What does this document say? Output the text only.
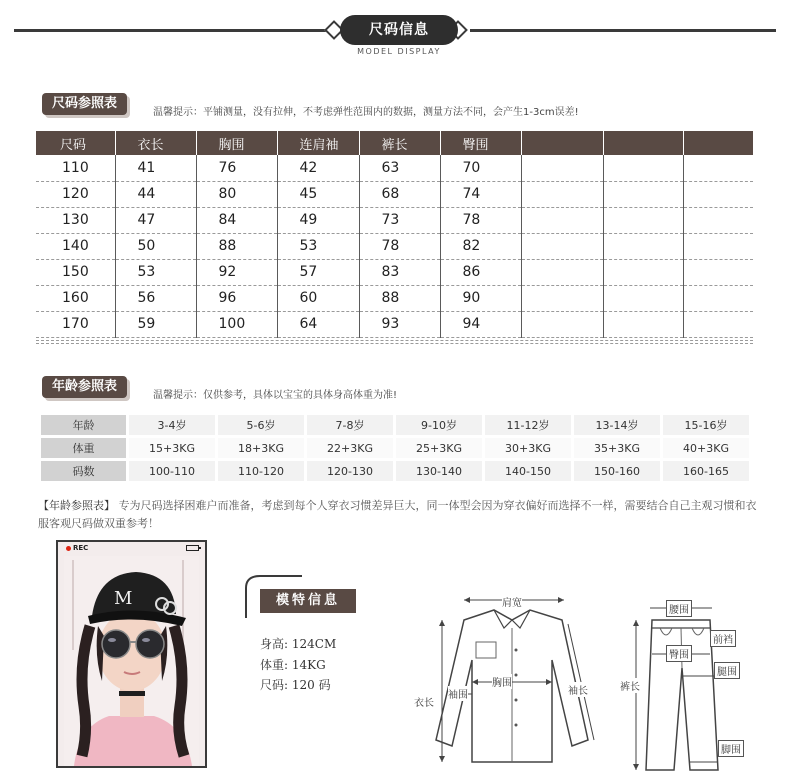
尺码信息
MODEL DISPLAY
尺码参照表
温馨提示：平铺测量，没有拉伸，不考虑弹性范围内的数据，测量方法不同，会产生1-3cm误差!
尺码	衣长	胸围	连肩袖	裤长	臀围			
110	41	76	42	63	70			
120	44	80	45	68	74			
130	47	84	49	73	78			
140	50	88	53	78	82			
150	53	92	57	83	86			
160	56	96	60	88	90			
170	59	100	64	93	94			
年龄参照表
温馨提示：仅供参考，具体以宝宝的具体身高体重为准!
年龄	3-4岁	5-6岁	7-8岁	9-10岁	11-12岁	13-14岁	15-16岁
体重	15+3KG	18+3KG	22+3KG	25+3KG	30+3KG	35+3KG	40+3KG
码数	100-110	110-120	120-130	130-140	140-150	150-160	160-165
【年龄参照表】 专为尺码选择困难户而准备，考虑到每个人穿衣习惯差异巨大，同一体型会因为穿衣偏好而选择不一样，需要结合自己主观习惯和衣服客观尺码做双重参考！
REC
M	模特信息
身高: 124CM
体重: 14KG
尺码: 120 码
肩宽
衣长
袖围
胸围
袖长
腰围
前裆
臀围
腿围
裤长
脚围
